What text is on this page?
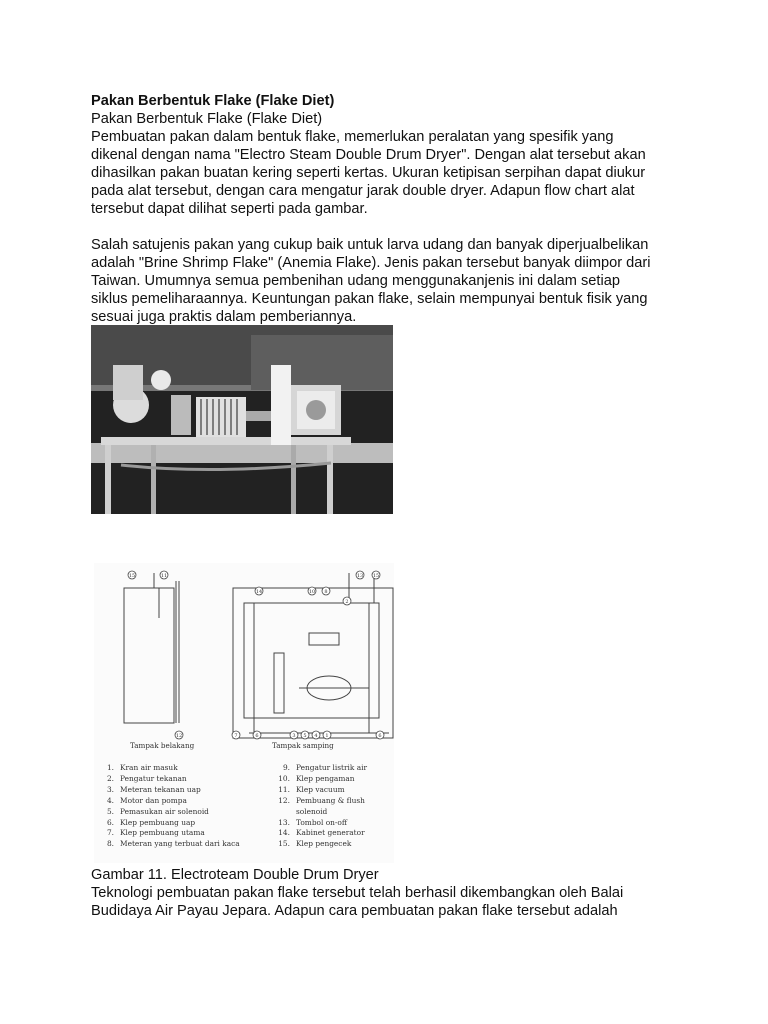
Pakan Berbentuk Flake (Flake Diet)
Pakan Berbentuk Flake (Flake Diet)
Pembuatan pakan dalam bentuk flake, memerlukan peralatan yang spesifik yang
dikenal dengan nama "Electro Steam Double Drum Dryer". Dengan alat tersebut akan
dihasilkan pakan buatan kering seperti kertas. Ukuran ketipisan serpihan dapat diukur
pada alat tersebut, dengan cara mengatur jarak double dryer. Adapun flow chart alat
tersebut dapat dilihat seperti pada gambar.
Salah satujenis pakan yang cukup baik untuk larva udang dan banyak diperjualbelikan
adalah "Brine Shrimp Flake" (Anemia Flake). Jenis pakan tersebut banyak diimpor dari
Taiwan. Umumnya semua pembenihan udang menggunakanjenis ini dalam setiap
siklus pemeliharaannya. Keuntungan pakan flake, selain mempunyai bentuk fisik yang
sesuai juga praktis dalam pemberiannya.
15	11
14	10 8
2
13 15
12	7	6	3 5 4 1	6
Tampak belakang	Tampak samping
1. Kran air masuk
2. Pengatur tekanan
3. Meteran tekanan uap
4. Motor dan pompa
5. Pemasukan air solenoid
6. Klep pembuang uap
7. Klep pembuang utama
8. Meteran yang terbuat dari kaca
9. Pengatur listrik air
10. Klep pengaman
11. Klep vacuum
12. Pembuang & flush
solenoid
13. Tombol on-off
14. Kabinet generator
15. Klep pengecek
Gambar 11. Electroteam Double Drum Dryer
Teknologi pembuatan pakan flake tersebut telah berhasil dikembangkan oleh Balai
Budidaya Air Payau Jepara. Adapun cara pembuatan pakan flake tersebut adalah
